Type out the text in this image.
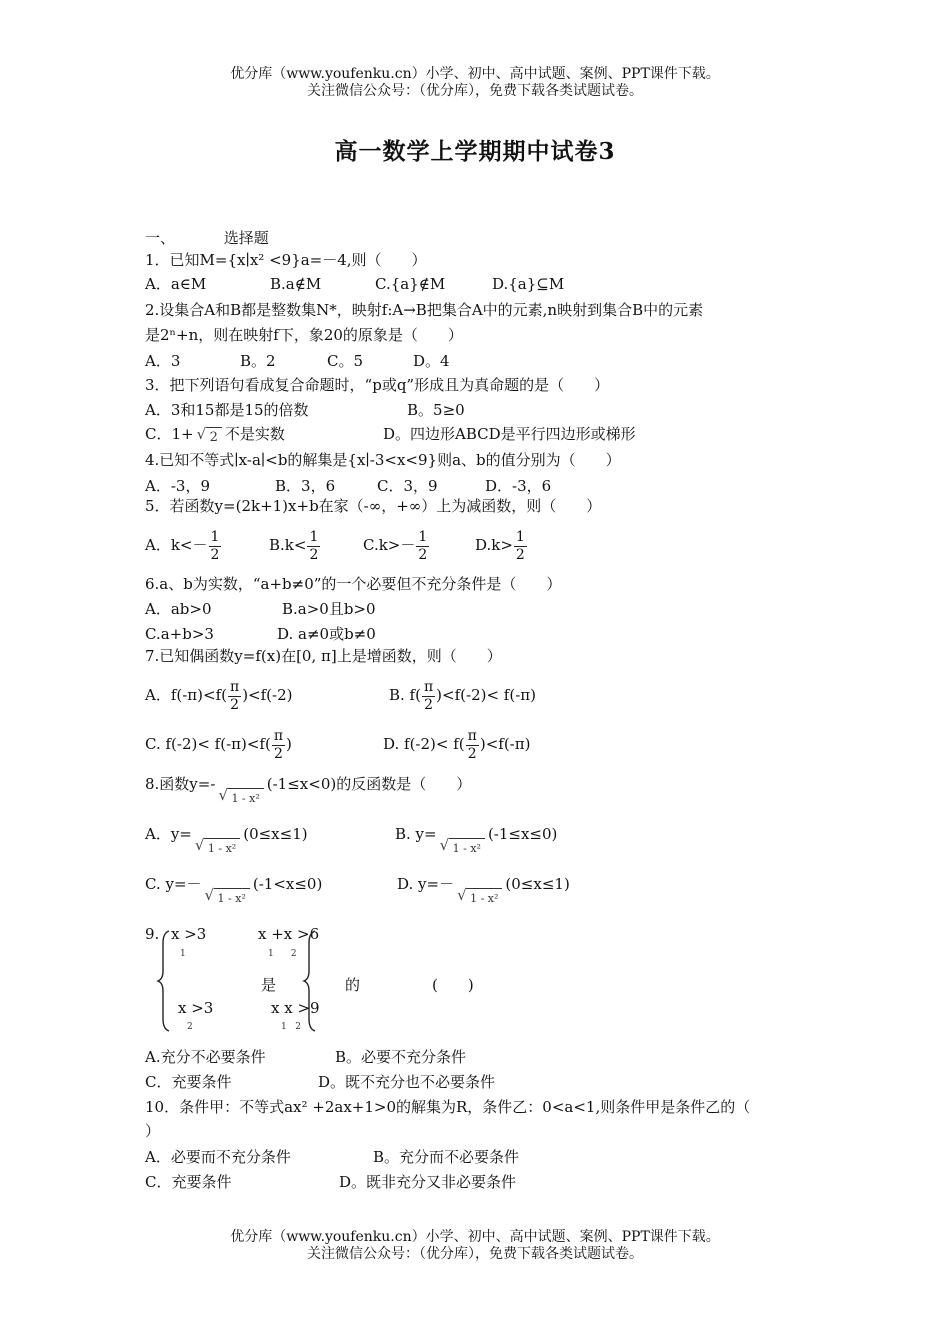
优分库（www.youfenku.cn）小学、初中、高中试题、案例、PPT课件下载。
关注微信公众号：（优分库），免费下载各类试题试卷。
高一数学上学期期中试卷3
一、	选择题
1．已知M={x∣x² <9}a=－4,则（　　）
A．a∈M	B.a∉M	C.{a}∉M	D.{a}⊆M
2.设集合A和B都是整数集N*，映射f:A→B把集合A中的元素,n映射到集合B中的元素
是2ⁿ+n，则在映射f下，象20的原象是（　　）
A．3	B。2	C。5	D。4
3．把下列语句看成复合命题时，“p或q”形成且为真命题的是（　　）
A．3和15都是15的倍数	B。5≥0
C．1+√ 2 不是实数	D。四边形ABCD是平行四边形或梯形
4.已知不等式∣x-a∣<b的解集是{x∣-3<x<9}则a、b的值分别为（　　）
A．-3，9	B．3，6	C．3，9	D．-3，6
5．若函数y=(2k+1)x+b在家（-∞，+∞）上为减函数，则（　　）
A．$k<- \frac{1}{2}$	$B.k< \frac{1}{2}$	$C.k>- \frac{1}{2}$	$D.k> \frac{1}{2}$
6.a、b为实数，“a+b≠0”的一个必要但不充分条件是（　　）
A．ab>0	B.a>0且b>0
C.a+b>3	D. a≠0或b≠0
7.已知偶函数y=f(x)在[0, π]上是增函数，则（　　）
A．$f(-\pi)<f( \frac{\pi}{2} )<f(-2)$	B. $f( \frac{\pi}{2} )<f(-2)< f(-\pi)$
C. $f(-2)< f(-\pi)<f( \frac{\pi}{2}$ )	D. $f(-2)< f( \frac{\pi}{2} )<f(-\pi)$
8.函数y=-√ 1 - x²(-1≤x<0)的反函数是（　　）
A．y=√ 1 - x²(0≤x≤1)	B. y=√ 1 - x²(-1≤x≤0)
C. y=－√ 1 - x²(-1<x≤0)	D. y=－√ 1 - x²(0≤x≤1)
9. x >3
1
x >3
2
是
x +x >6
1      2
x x >9
1   2
的	(　　)
A.充分不必要条件	B。必要不充分条件
C．充要条件	D。既不充分也不必要条件
10．条件甲：不等式ax² +2ax+1>0的解集为R，条件乙：0<a<1,则条件甲是条件乙的（
）
A．必要而不充分条件	B。充分而不必要条件
C．充要条件	D。既非充分又非必要条件
优分库（www.youfenku.cn）小学、初中、高中试题、案例、PPT课件下载。
关注微信公众号：（优分库），免费下载各类试题试卷。
